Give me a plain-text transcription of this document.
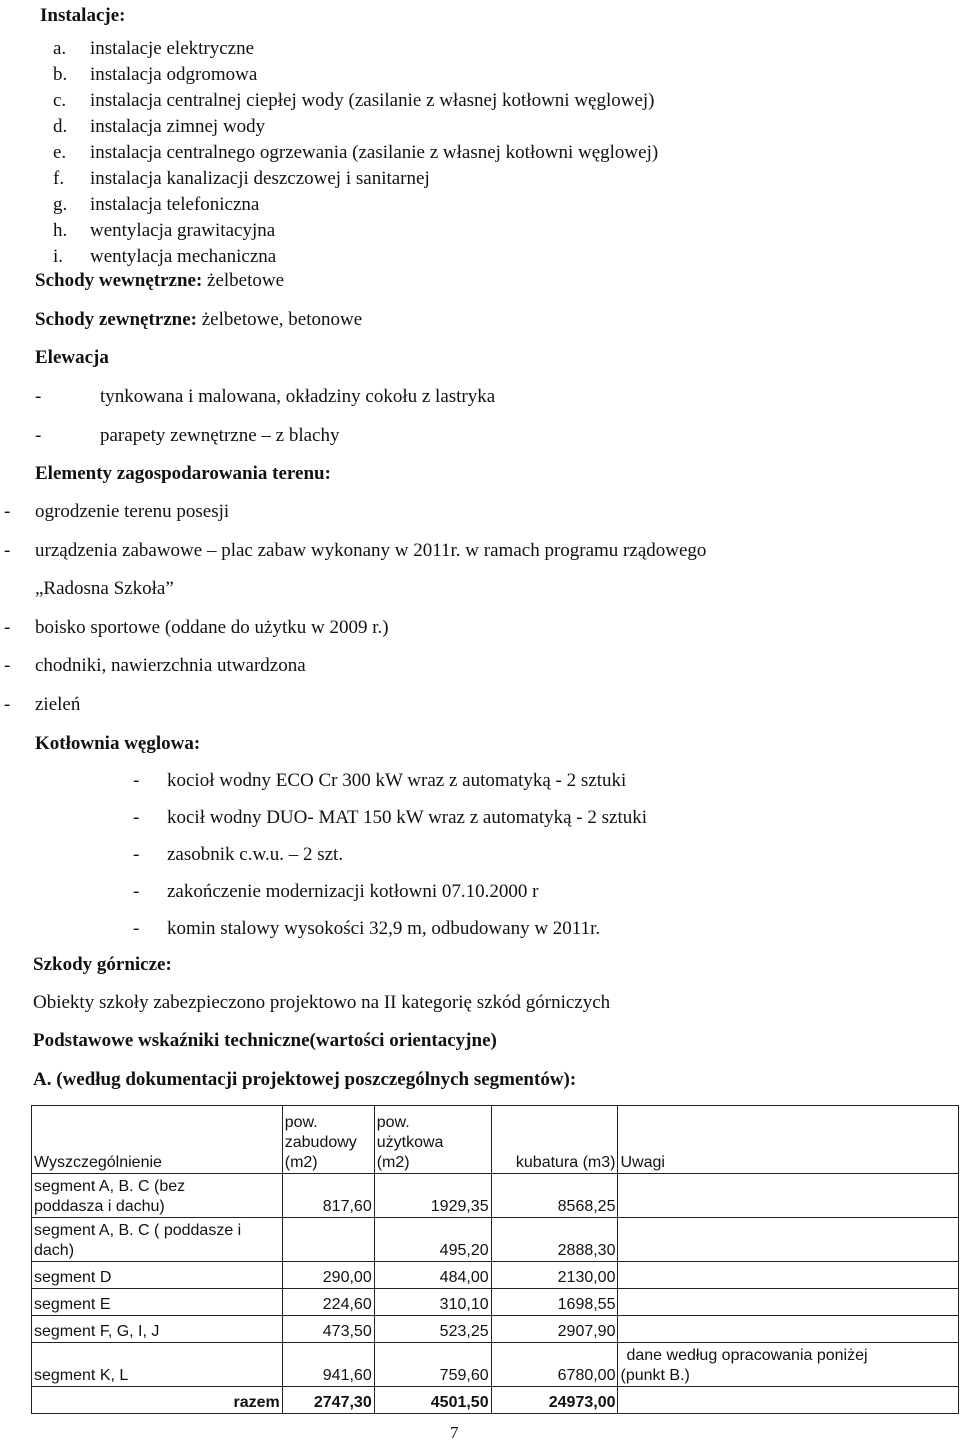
Instalacje:
a. instalacje elektryczne
b. instalacja odgromowa
c. instalacja centralnej ciepłej wody (zasilanie z własnej kotłowni węglowej)
d. instalacja zimnej wody
e. instalacja centralnego ogrzewania (zasilanie z własnej kotłowni węglowej)
f. instalacja kanalizacji deszczowej i sanitarnej
g. instalacja telefoniczna
h. wentylacja grawitacyjna
i. wentylacja mechaniczna
Schody wewnętrzne: żelbetowe
Schody zewnętrzne: żelbetowe, betonowe
Elewacja
-	tynkowana i malowana, okładziny cokołu z lastryka
-	parapety zewnętrzne – z blachy
Elementy zagospodarowania terenu:
- ogrodzenie terenu posesji
- urządzenia zabawowe – plac zabaw wykonany w 2011r. w ramach programu rządowego
„Radosna Szkoła”
- boisko sportowe (oddane do użytku w 2009 r.)
- chodniki, nawierzchnia utwardzona
- zieleń
Kotłownia węglowa:
- kocioł wodny ECO Cr 300 kW wraz z automatyką - 2 sztuki
- kocił wodny DUO- MAT 150 kW wraz z automatyką - 2 sztuki
- zasobnik c.w.u. – 2 szt.
- zakończenie modernizacji kotłowni 07.10.2000 r
- komin stalowy wysokości 32,9 m, odbudowany w 2011r.
Szkody górnicze:
Obiekty szkoły zabezpieczono projektowo na II kategorię szkód górniczych
Podstawowe wskaźniki techniczne(wartości orientacyjne)
A. (według dokumentacji projektowej poszczególnych segmentów):
Wyszczególnienie	pow.
zabudowy
(m2)	pow.
użytkowa
(m2)	kubatura (m3)	Uwagi
segment A, B. C (bez
poddasza i dachu)	817,60	1929,35	8568,25	
segment A, B. C ( poddasze i
dach)		495,20	2888,30	
segment D	290,00	484,00	2130,00	
segment E	224,60	310,10	1698,55	
segment F, G, I, J	473,50	523,25	2907,90	
segment K, L	941,60	759,60	6780,00	dane według opracowania poniżej
(punkt B.)
razem	2747,30	4501,50	24973,00	
7
